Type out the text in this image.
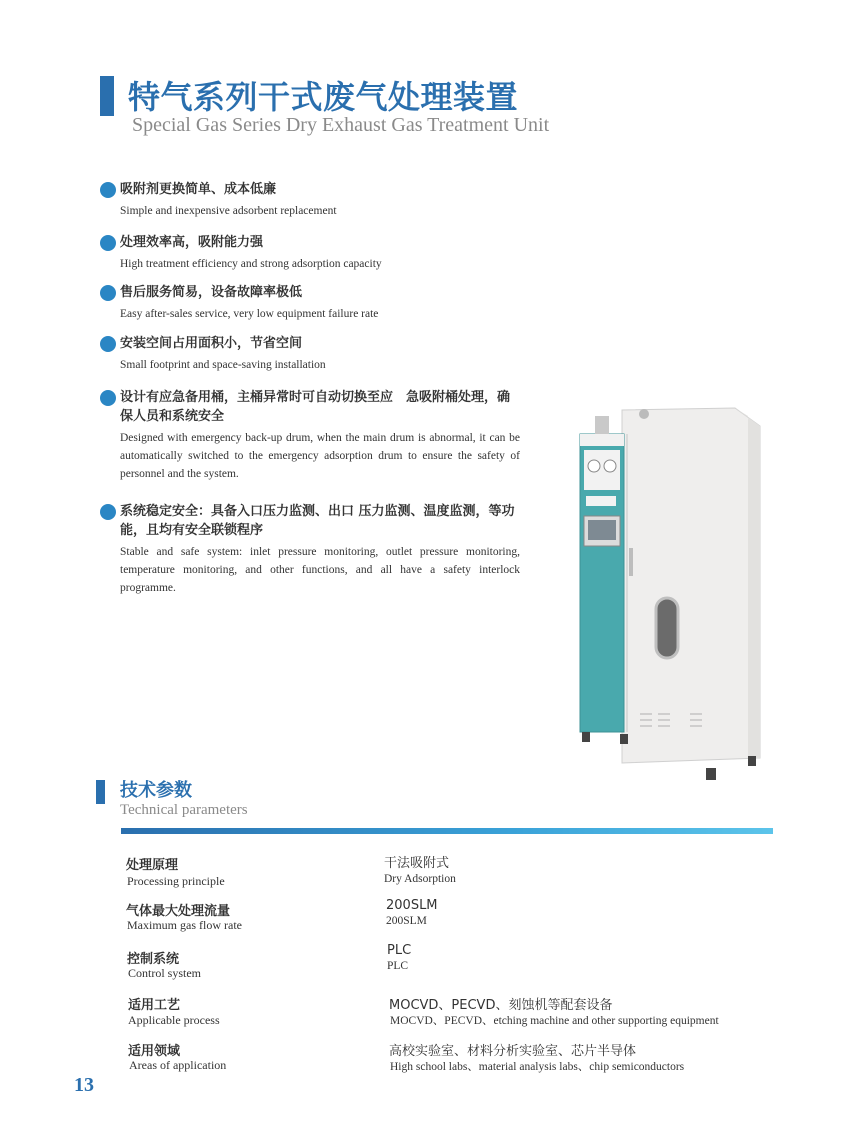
特气系列干式废气处理装置
Special Gas Series Dry Exhaust Gas Treatment Unit
吸附剂更换简单、成本低廉
Simple and inexpensive adsorbent replacement
处理效率高，吸附能力强
High treatment efficiency and strong adsorption capacity
售后服务简易，设备故障率极低
Easy after-sales service, very low equipment failure rate
安装空间占用面积小，节省空间
Small footprint and space-saving installation
设计有应急备用桶，主桶异常时可自动切换至应　急吸附桶处理，确保人员和系统安全
Designed with emergency back-up drum, when the main drum is abnormal, it can be automatically switched to the emergency adsorption drum to ensure the safety of personnel and the system.
系统稳定安全：具备入口压力监测、出口 压力监测、温度监测，等功能，且均有安全联锁程序
Stable and safe system: inlet pressure monitoring, outlet pressure monitoring, temperature monitoring, and other functions, and all have a safety interlock programme.
技术参数
Technical parameters
处理原理
Processing principle
干法吸附式
Dry Adsorption
气体最大处理流量
Maximum gas flow rate
200SLM
200SLM
控制系统
Control system
PLC
PLC
适用工艺
Applicable process
MOCVD、PECVD、刻蚀机等配套设备
MOCVD、PECVD、etching machine and other supporting equipment
适用领域
Areas of application
高校实验室、材料分析实验室、芯片半导体
High school labs、material analysis labs、chip semiconductors
13
